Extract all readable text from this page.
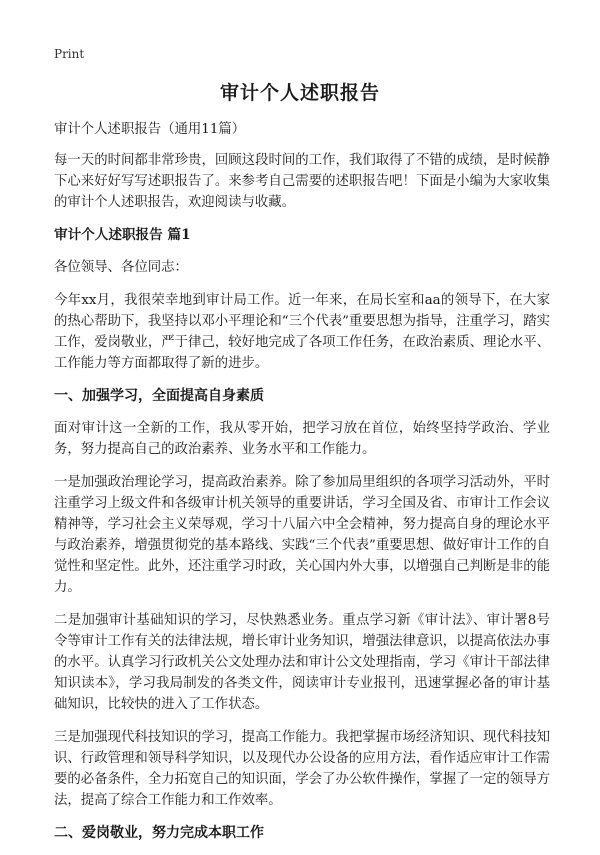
Print
审计个人述职报告
审计个人述职报告（通用11篇）

每一天的时间都非常珍贵，回顾这段时间的工作，我们取得了不错的成绩，是时候静下心来好好写写述职报告了。来参考自己需要的述职报告吧！下面是小编为大家收集的审计个人述职报告，欢迎阅读与收藏。

审计个人述职报告 篇1

各位领导、各位同志：

今年xx月，我很荣幸地到审计局工作。近一年来，在局长室和aa的领导下，在大家的热心帮助下，我坚持以邓小平理论和“三个代表”重要思想为指导，注重学习，踏实工作，爱岗敬业，严于律己，较好地完成了各项工作任务，在政治素质、理论水平、工作能力等方面都取得了新的进步。

一、加强学习，全面提高自身素质

面对审计这一全新的工作，我从零开始，把学习放在首位，始终坚持学政治、学业务，努力提高自己的政治素养、业务水平和工作能力。

一是加强政治理论学习，提高政治素养。除了参加局里组织的各项学习活动外，平时注重学习上级文件和各级审计机关领导的重要讲话，学习全国及省、市审计工作会议精神等，学习社会主义荣辱观，学习十八届六中全会精神，努力提高自身的理论水平与政治素养，增强贯彻党的基本路线、实践“三个代表”重要思想、做好审计工作的自觉性和坚定性。此外，还注重学习时政，关心国内外大事，以增强自己判断是非的能力。

二是加强审计基础知识的学习，尽快熟悉业务。重点学习新《审计法》、审计署8号令等审计工作有关的法律法规，增长审计业务知识，增强法律意识，以提高依法办事的水平。认真学习行政机关公文处理办法和审计公文处理指南，学习《审计干部法律知识读本》，学习我局制发的各类文件，阅读审计专业报刊，迅速掌握必备的审计基础知识，比较快的进入了工作状态。

三是加强现代科技知识的学习，提高工作能力。我把掌握市场经济知识、现代科技知识、行政管理和领导科学知识，以及现代办公设备的应用方法，看作适应审计工作需要的必备条件，全力拓宽自己的知识面，学会了办公软件操作，掌握了一定的领导方法，提高了综合工作能力和工作效率。

二、爱岗敬业，努力完成本职工作
